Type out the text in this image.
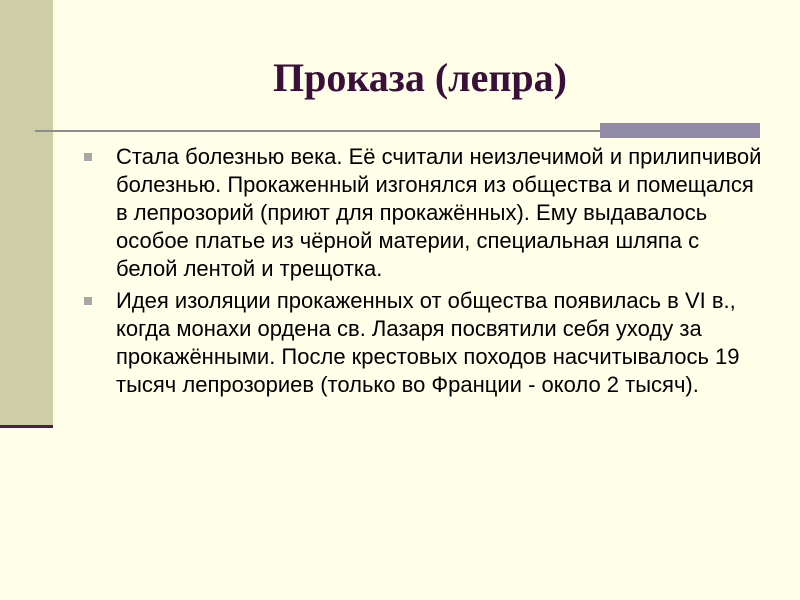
Проказа (лепра)
Стала болезнью века. Её считали неизлечимой и прилипчивой болезнью. Прокаженный изгонялся из общества и помещался в лепрозорий (приют для прокажённых). Ему выдавалось особое платье из чёрной материи, специальная шляпа с белой лентой и трещотка.
Идея изоляции прокаженных от общества появилась в VI в., когда монахи ордена св. Лазаря посвятили себя уходу за прокажёнными. После крестовых походов насчитывалось 19 тысяч лепрозориев (только во Франции - около 2 тысяч).
